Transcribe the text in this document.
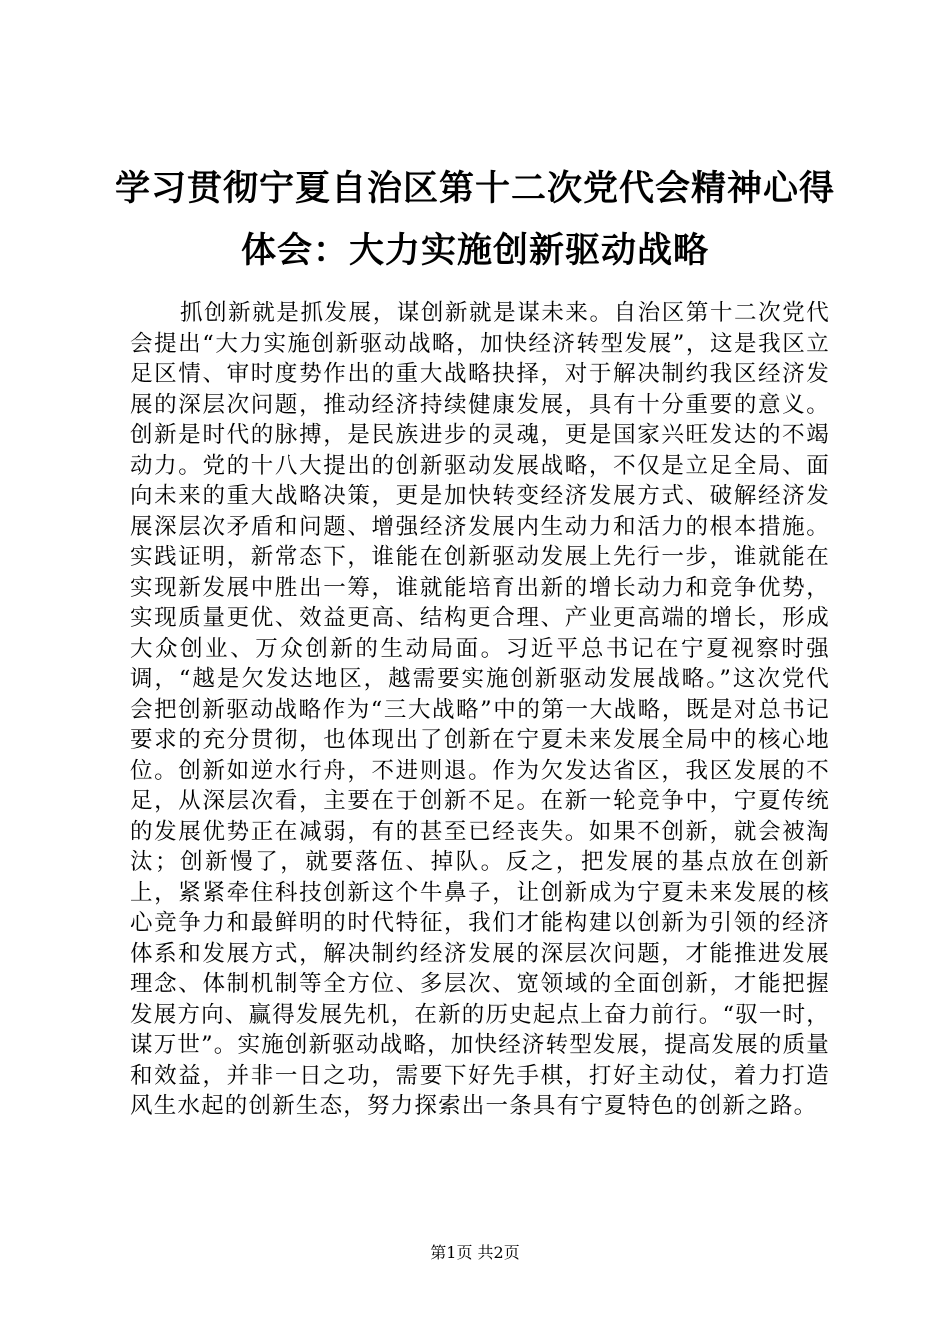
学习贯彻宁夏自治区第十二次党代会精神心得体会：大力实施创新驱动战略

抓创新就是抓发展，谋创新就是谋未来。自治区第十二次党代会提出“大力实施创新驱动战略，加快经济转型发展”，这是我区立足区情、审时度势作出的重大战略抉择，对于解决制约我区经济发展的深层次问题，推动经济持续健康发展，具有十分重要的意义。创新是时代的脉搏，是民族进步的灵魂，更是国家兴旺发达的不竭动力。党的十八大提出的创新驱动发展战略，不仅是立足全局、面向未来的重大战略决策，更是加快转变经济发展方式、破解经济发展深层次矛盾和问题、增强经济发展内生动力和活力的根本措施。实践证明，新常态下，谁能在创新驱动发展上先行一步，谁就能在实现新发展中胜出一筹，谁就能培育出新的增长动力和竞争优势，实现质量更优、效益更高、结构更合理、产业更高端的增长，形成大众创业、万众创新的生动局面。习近平总书记在宁夏视察时强调，“越是欠发达地区，越需要实施创新驱动发展战略。”这次党代会把创新驱动战略作为“三大战略”中的第一大战略，既是对总书记要求的充分贯彻，也体现出了创新在宁夏未来发展全局中的核心地位。创新如逆水行舟，不进则退。作为欠发达省区，我区发展的不足，从深层次看，主要在于创新不足。在新一轮竞争中，宁夏传统的发展优势正在减弱，有的甚至已经丧失。如果不创新，就会被淘汰；创新慢了，就要落伍、掉队。反之，把发展的基点放在创新上，紧紧牵住科技创新这个牛鼻子，让创新成为宁夏未来发展的核心竞争力和最鲜明的时代特征，我们才能构建以创新为引领的经济体系和发展方式，解决制约经济发展的深层次问题，才能推进发展理念、体制机制等全方位、多层次、宽领域的全面创新，才能把握发展方向、赢得发展先机，在新的历史起点上奋力前行。“驭一时，谋万世”。实施创新驱动战略，加快经济转型发展，提高发展的质量和效益，并非一日之功，需要下好先手棋，打好主动仗，着力打造风生水起的创新生态，努力探索出一条具有宁夏特色的创新之路。

第1页 共2页
